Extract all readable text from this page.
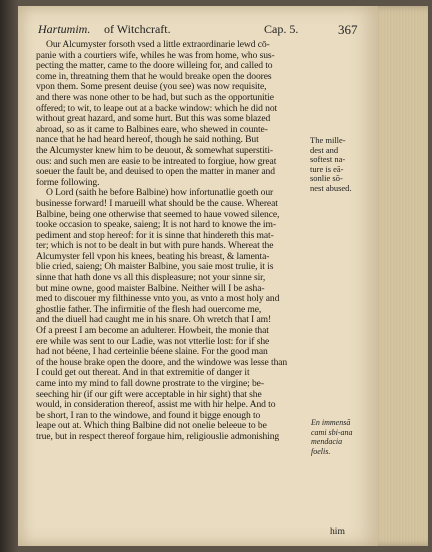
Hartumim. of Witchcraft.	Cap. 5.	367
Our Alcumyster forsoth vsed a little extraordinarie lewd cō-
panie with a courtiers wife, whiles he was from home, who sus-
pecting the matter, came to the doore willeing for, and called to
come in, threatning them that he would breake open the doores
vpon them. Some present deuise (you see) was now requisite,
and there was none other to be had, but such as the opportunitie
offered; to wit, to leape out at a backe window: which he did not
without great hazard, and some hurt. But this was some blazed
abroad, so as it came to Balbines eare, who shewed in counte-
nance that he had heard hereof, though he said nothing. But
the Alcumyster knew him to be deuout, & somewhat superstiti-
ous: and such men are easie to be intreated to forgiue, how great
soeuer the fault be, and deuised to open the matter in maner and
forme following.
O Lord (saith he before Balbine) how infortunatlie goeth our
businesse forward! I marueill what should be the cause. Whereat
Balbine, being one otherwise that seemed to haue vowed silence,
tooke occasion to speake, saieng; It is not hard to knowe the im-
pediment and stop hereof: for it is sinne that hindereth this mat-
ter; which is not to be dealt in but with pure hands. Whereat the
Alcumyster fell vpon his knees, beating his breast, & lamenta-
blie cried, saieng; Oh maister Balbine, you saie most trulie, it is
sinne that hath done vs all this displeasure; not your sinne sir,
but mine owne, good maister Balbine. Neither will I be asha-
med to discouer my filthinesse vnto you, as vnto a most holy and
ghostlie father. The infirmitie of the flesh had ouercome me,
and the diuell had caught me in his snare. Oh wretch that I am!
Of a preest I am become an adulterer. Howbeit, the monie that
ere while was sent to our Ladie, was not vtterlie lost: for if she
had not béene, I had certeinlie béene slaine. For the good man
of the house brake open the doore, and the windowe was lesse than
I could get out thereat. And in that extremitie of danger it
came into my mind to fall downe prostrate to the virgine; be-
seeching hir (if our gift were acceptable in hir sight) that she
would, in consideration thereof, assist me with hir helpe. And to
be short, I ran to the windowe, and found it bigge enough to
leape out at. Which thing Balbine did not onelie beleeue to be
true, but in respect thereof forgaue him, religiouslie admonishing
The mille-
dest and
softest na-
ture is eā-
sonlie sō-
nest abused.
En immensā
cami sbi-ana
mendacia
foelis.
him
